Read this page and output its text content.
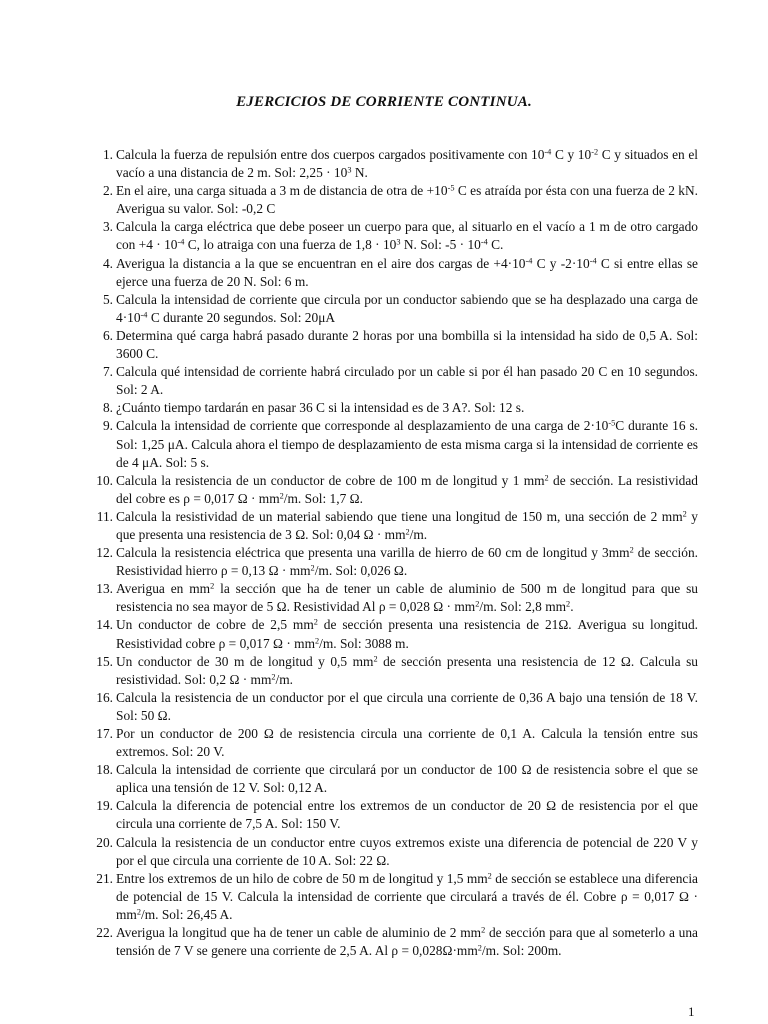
EJERCICIOS DE CORRIENTE CONTINUA.
1. Calcula la fuerza de repulsión entre dos cuerpos cargados positivamente con $10^{-4}$ C y $10^{-2}$ C y situados en el vacío a una distancia de 2 m. Sol: $2,25 \cdot 10^3$ N.
2. En el aire, una carga situada a 3 m de distancia de otra de $+10^{-5}$ C es atraída por ésta con una fuerza de 2 kN. Averigua su valor. Sol: -0,2 C
3. Calcula la carga eléctrica que debe poseer un cuerpo para que, al situarlo en el vacío a 1 m de otro cargado con $+4 \cdot 10^{-4}$ C, lo atraiga con una fuerza de $1,8 \cdot 10^3$ N. Sol: $-5 \cdot 10^{-4}$ C.
4. Averigua la distancia a la que se encuentran en el aire dos cargas de $+4\cdot 10^{-4}$ C y $-2\cdot 10^{-4}$ C si entre ellas se ejerce una fuerza de 20 N. Sol: 6 m.
5. Calcula la intensidad de corriente que circula por un conductor sabiendo que se ha desplazado una carga de $4\cdot 10^{-4}$ C durante 20 segundos. Sol: 20μA
6. Determina qué carga habrá pasado durante 2 horas por una bombilla si la intensidad ha sido de 0,5 A. Sol: 3600 C.
7. Calcula qué intensidad de corriente habrá circulado por un cable si por él han pasado 20 C en 10 segundos. Sol: 2 A.
8. ¿Cuánto tiempo tardarán en pasar 36 C si la intensidad es de 3 A?. Sol: 12 s.
9. Calcula la intensidad de corriente que corresponde al desplazamiento de una carga de $2\cdot 10^{-5}C$ durante 16 s. Sol: 1,25 μA. Calcula ahora el tiempo de desplazamiento de esta misma carga si la intensidad de corriente es de 4 μA. Sol: 5 s.
10. Calcula la resistencia de un conductor de cobre de 100 m de longitud y 1 $mm^2$ de sección. La resistividad del cobre es ρ = 0,017 $\Omega \cdot mm^2/m$. Sol: 1,7 Ω.
11. Calcula la resistividad de un material sabiendo que tiene una longitud de 150 m, una sección de 2 $mm^2$ y que presenta una resistencia de 3 Ω. Sol: 0,04 $\Omega \cdot mm^2/m$.
12. Calcula la resistencia eléctrica que presenta una varilla de hierro de 60 cm de longitud y $3mm^2$ de sección. Resistividad hierro ρ = 0,13 $\Omega \cdot mm^2/m$. Sol: 0,026 Ω.
13. Averigua en $mm^2$ la sección que ha de tener un cable de aluminio de 500 m de longitud para que su resistencia no sea mayor de 5 Ω. Resistividad Al ρ = 0,028 $\Omega \cdot mm^2/m$. Sol: 2,8 $mm^2$.
14. Un conductor de cobre de 2,5 $mm^2$ de sección presenta una resistencia de 21Ω. Averigua su longitud. Resistividad cobre ρ = 0,017 $\Omega \cdot mm^2/m$. Sol: 3088 m.
15. Un conductor de 30 m de longitud y 0,5 $mm^2$ de sección presenta una resistencia de 12 Ω. Calcula su resistividad. Sol: 0,2 $\Omega \cdot mm^2/m$.
16. Calcula la resistencia de un conductor por el que circula una corriente de 0,36 A bajo una tensión de 18 V. Sol: 50 Ω.
17. Por un conductor de 200 Ω de resistencia circula una corriente de 0,1 A. Calcula la tensión entre sus extremos. Sol: 20 V.
18. Calcula la intensidad de corriente que circulará por un conductor de 100 Ω de resistencia sobre el que se aplica una tensión de 12 V. Sol: 0,12 A.
19. Calcula la diferencia de potencial entre los extremos de un conductor de 20 Ω de resistencia por el que circula una corriente de 7,5 A. Sol: 150 V.
20. Calcula la resistencia de un conductor entre cuyos extremos existe una diferencia de potencial de 220 V y por el que circula una corriente de 10 A. Sol: 22 Ω.
21. Entre los extremos de un hilo de cobre de 50 m de longitud y 1,5 $mm^2$ de sección se establece una diferencia de potencial de 15 V. Calcula la intensidad de corriente que circulará a través de él. Cobre ρ = 0,017 $\Omega \cdot mm^2/m$. Sol: 26,45 A.
22. Averigua la longitud que ha de tener un cable de aluminio de 2 $mm^2$ de sección para que al someterlo a una tensión de 7 V se genere una corriente de 2,5 A. Al $\rho = 0,028\Omega\cdot mm^2/m$. Sol: 200m.
1
